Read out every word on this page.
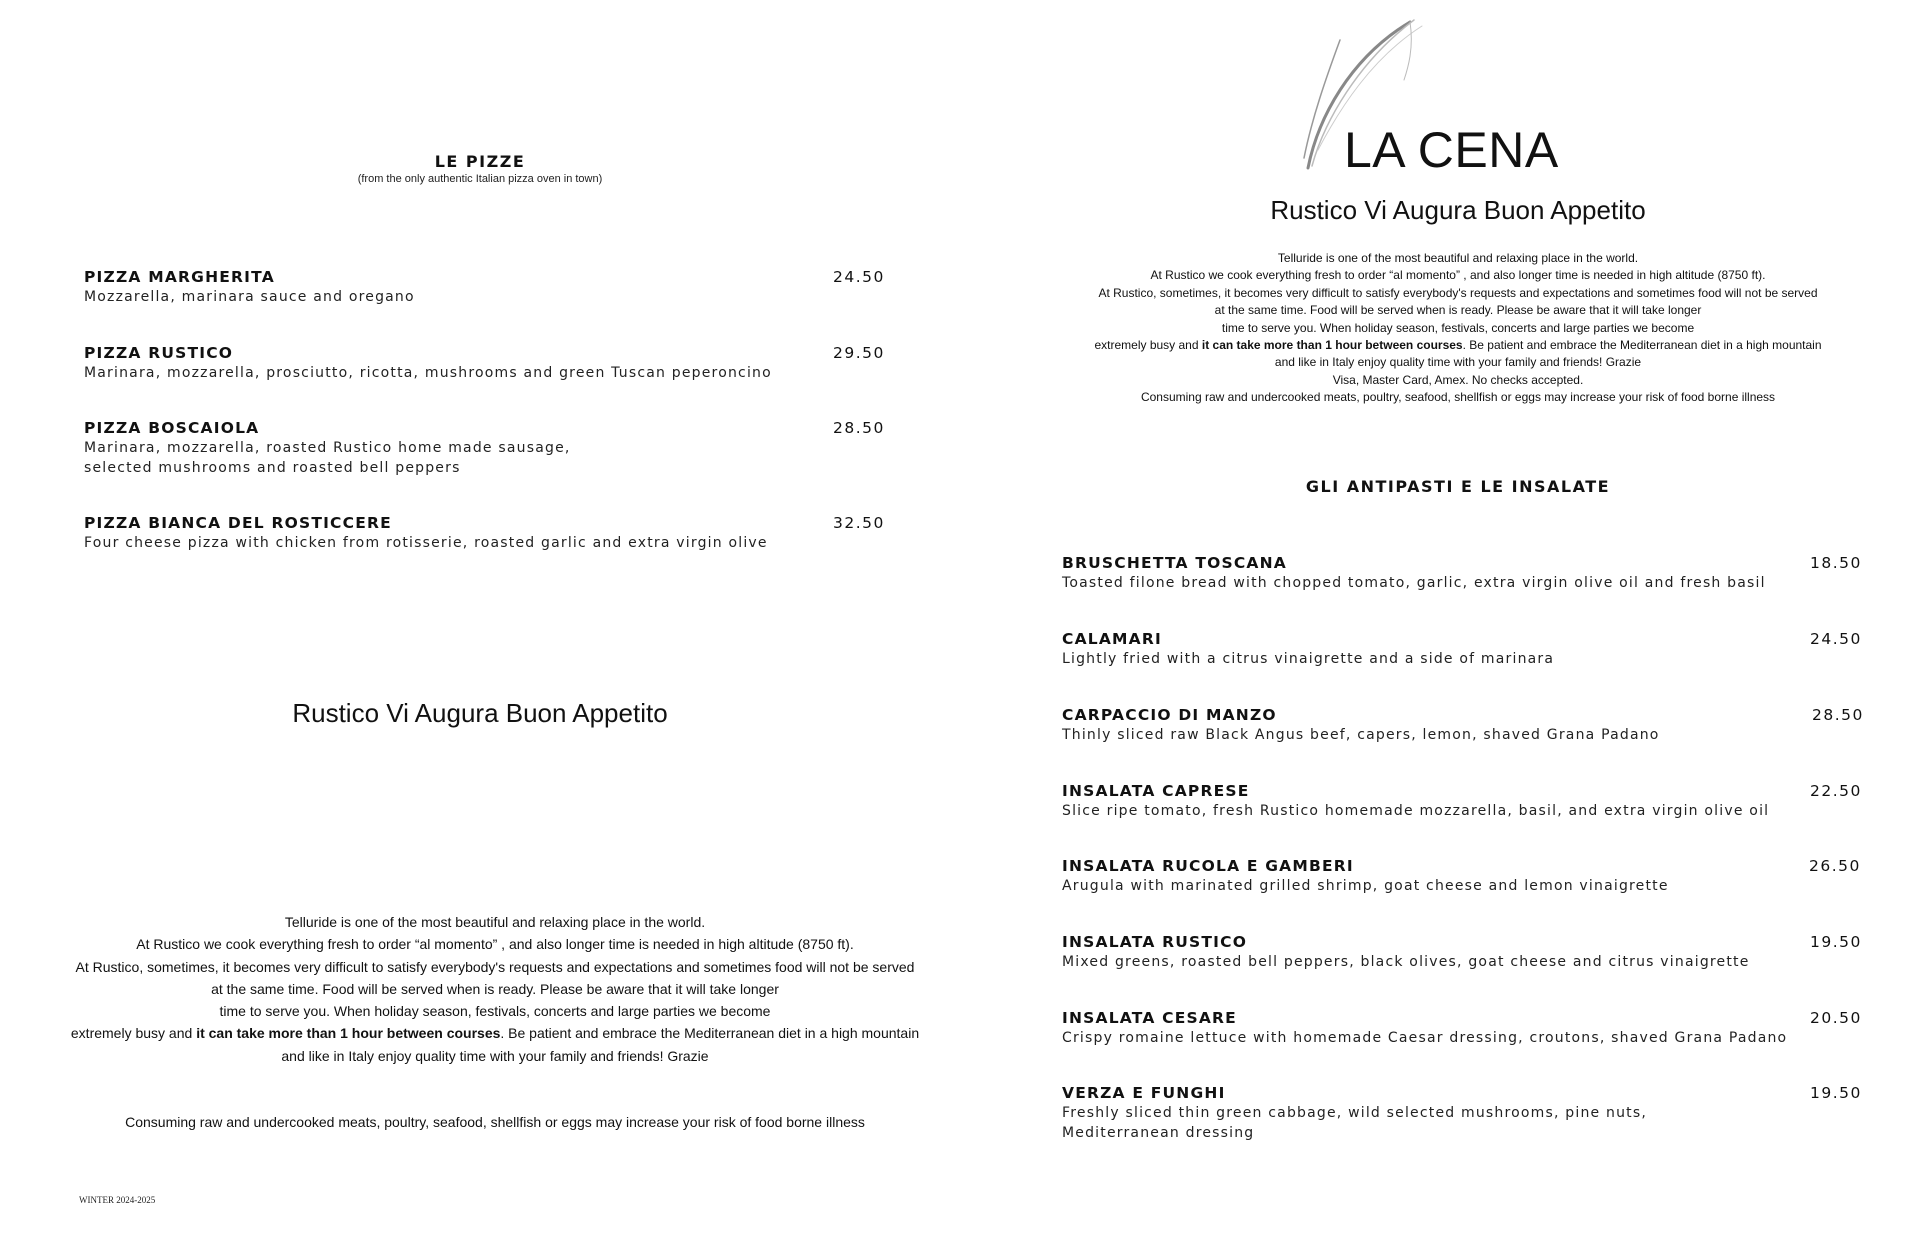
LE PIZZE
(from the only authentic Italian pizza oven in town)
PIZZA MARGHERITA
Mozzarella, marinara sauce and oregano
24.50
PIZZA RUSTICO
Marinara, mozzarella, prosciutto, ricotta, mushrooms and green Tuscan peperoncino
29.50
PIZZA BOSCAIOLA
Marinara, mozzarella, roasted Rustico home made sausage,
selected mushrooms and roasted bell peppers
28.50
PIZZA BIANCA DEL ROSTICCERE
Four cheese pizza with chicken from rotisserie, roasted garlic and extra virgin olive
32.50
Rustico Vi Augura Buon Appetito

Telluride is one of the most beautiful and relaxing place in the world.

At Rustico we cook everything fresh to order “al momento” , and also longer time is needed in high altitude (8750 ft).

At Rustico, sometimes, it becomes very difficult to satisfy everybody's requests and expectations and sometimes food will not be served

at the same time. Food will be served when is ready. Please be aware that it will take longer

time to serve you. When holiday season, festivals, concerts and large parties we become

extremely busy and it can take more than 1 hour between courses. Be patient and embrace the Mediterranean diet in a high mountain

and like in Italy enjoy quality time with your family and friends! Grazie

Consuming raw and undercooked meats, poultry, seafood, shellfish or eggs may increase your risk of food borne illness
WINTER 2024-2025
LA CENA
Rustico Vi Augura Buon Appetito

Telluride is one of the most beautiful and relaxing place in the world.

At Rustico we cook everything fresh to order “al momento” , and also longer time is needed in high altitude (8750 ft).

At Rustico, sometimes, it becomes very difficult to satisfy everybody's requests and expectations and sometimes food will not be served

at the same time. Food will be served when is ready. Please be aware that it will take longer

time to serve you. When holiday season, festivals, concerts and large parties we become

extremely busy and it can take more than 1 hour between courses. Be patient and embrace the Mediterranean diet in a high mountain

and like in Italy enjoy quality time with your family and friends! Grazie

Visa, Master Card, Amex. No checks accepted.

Consuming raw and undercooked meats, poultry, seafood, shellfish or eggs may increase your risk of food borne illness

GLI ANTIPASTI E LE INSALATE
BRUSCHETTA TOSCANA
Toasted filone bread with chopped tomato, garlic, extra virgin olive oil and fresh basil
18.50
CALAMARI
Lightly fried with a citrus vinaigrette and a side of marinara
24.50
CARPACCIO DI MANZO
Thinly sliced raw Black Angus beef, capers, lemon, shaved Grana Padano
28.50
INSALATA CAPRESE
Slice ripe tomato, fresh Rustico homemade mozzarella, basil, and extra virgin olive oil
22.50
INSALATA RUCOLA E GAMBERI
Arugula with marinated grilled shrimp, goat cheese and lemon vinaigrette
26.50
INSALATA RUSTICO
Mixed greens, roasted bell peppers, black olives, goat cheese and citrus vinaigrette
19.50
INSALATA CESARE
Crispy romaine lettuce with homemade Caesar dressing, croutons, shaved Grana Padano
20.50
VERZA E FUNGHI
Freshly sliced thin green cabbage, wild selected mushrooms, pine nuts,
Mediterranean dressing
19.50
